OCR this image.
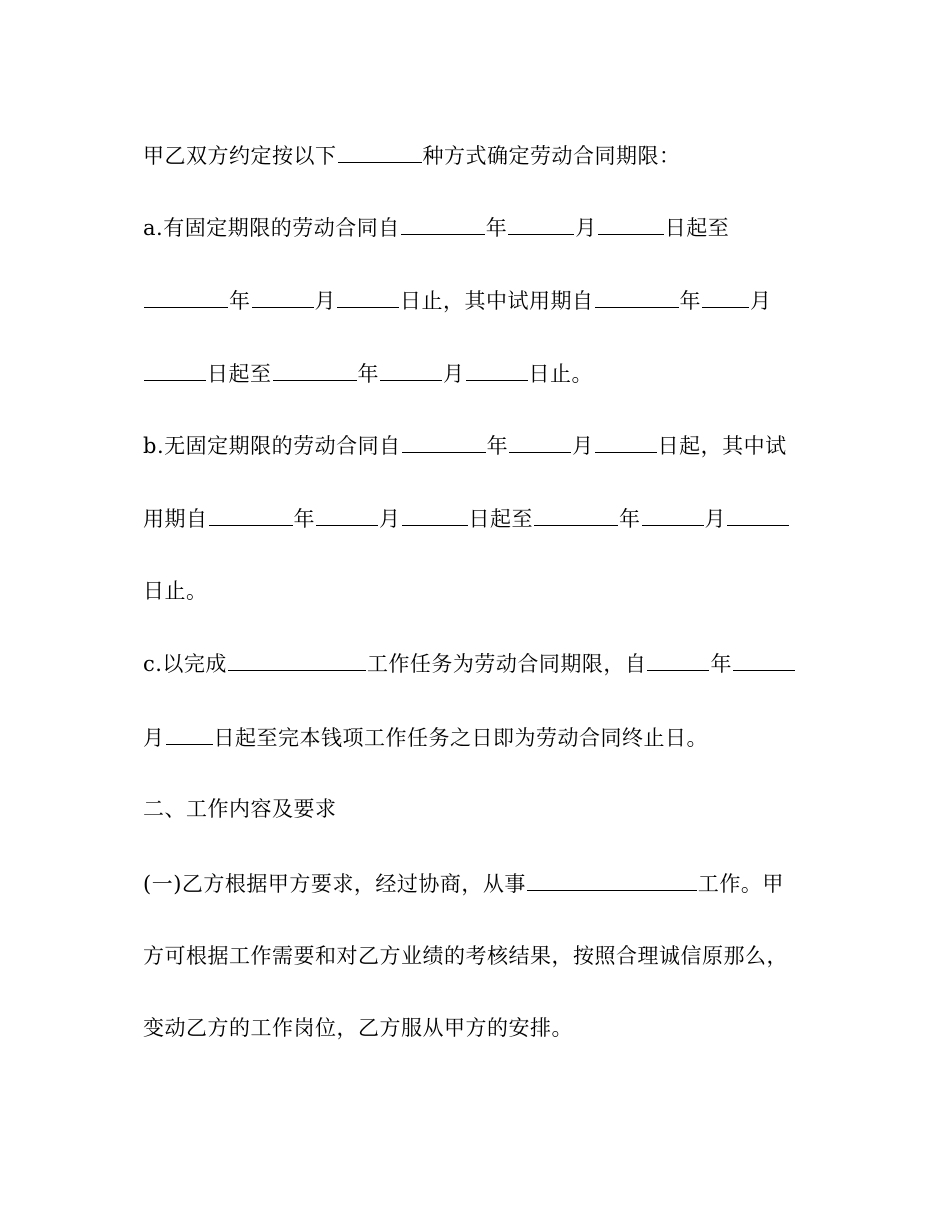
甲乙双方约定按以下	种方式确定劳动合同期限：
a.有固定期限的劳动合同自	年	月	日起至
年	月	日止，其中试用期自	年 月
日起至	年	月	日止。
b.无固定期限的劳动合同自	年	月	日起，其中试
用期自	年	月	日起至	年	月
日止。
c.以完成	工作任务为劳动合同期限，自	年
月 日起至完本钱项工作任务之日即为劳动合同终止日。
二、工作内容及要求
(一)乙方根据甲方要求，经过协商，从事	工作。甲
方可根据工作需要和对乙方业绩的考核结果，按照合理诚信原那么，
变动乙方的工作岗位，乙方服从甲方的安排。
